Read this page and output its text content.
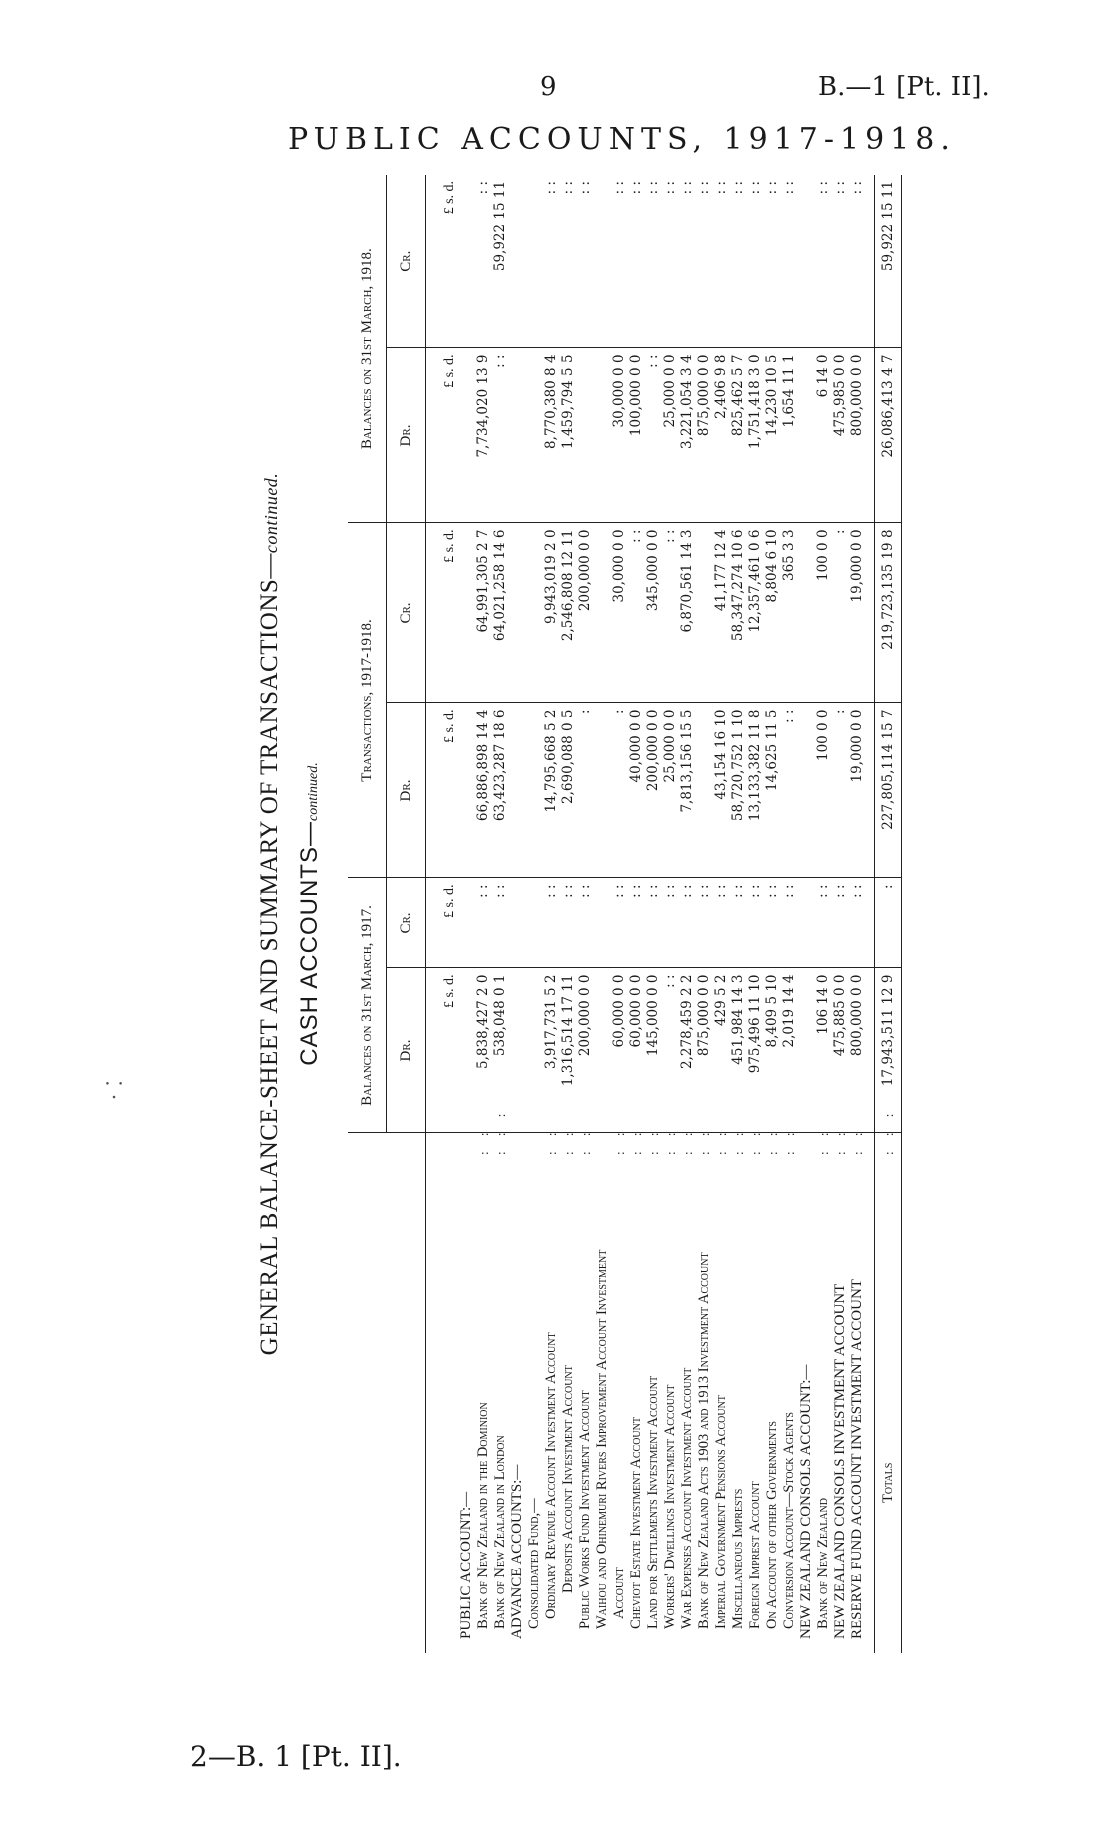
9	B.—1 [Pt. II].
PUBLIC ACCOUNTS, 1917-1918.
⸪	GENERAL BALANCE-SHEET AND SUMMARY OF TRANSACTIONS—continued.
CASH ACCOUNTS—continued.
		Balances on 31st March, 1917.		Transactions, 1917-1918.		Balances on 31st March, 1918.	
		Dr.	Cr.	Dr.	Cr.	Dr.	Cr.
		£ s. d.	£ s. d.	£ s. d.	£ s. d.	£ s. d.	£ s. d.
PUBLIC ACCOUNT:—							
Bank of New Zealand in the Dominion	: :	5,838,427 2 0	: :	66,886,898 14 4	64,991,305 2 7	7,734,020 13 9	: :
Bank of New Zealand in London	: : :	538,048 0 1	: :	63,423,287 18 6	64,021,258 14 6	: :	59,922 15 11
ADVANCE ACCOUNTS:—							
Consolidated Fund,—							
Ordinary Revenue Account Investment Account	: :	3,917,731 5 2	: :	14,795,668 5 2	9,943,019 2 0	8,770,380 8 4	: :
Deposits Account Investment Account	: :	1,316,514 17 11	: :	2,690,088 0 5	2,546,808 12 11	1,459,794 5 5	: :
Public Works Fund Investment Account	: :	200,000 0 0	: :	:	200,000 0 0		: :
Waihou and Ohinemuri Rivers Improvement Account Investment							
Account	: :	60,000 0 0	: :	:	30,000 0 0	30,000 0 0	: :
Cheviot Estate Investment Account	: :	60,000 0 0	: :	40,000 0 0	: :	100,000 0 0	: :
Land for Settlements Investment Account	: :	145,000 0 0	: :	200,000 0 0	345,000 0 0	: :	: :
Workers' Dwellings Investment Account	: :	: :	: :	25,000 0 0	: :	25,000 0 0	: :
War Expenses Account Investment Account	: :	2,278,459 2 2	: :	7,813,156 15 5	6,870,561 14 3	3,221,054 3 4	: :
Bank of New Zealand Acts 1903 and 1913 Investment Account	: :	875,000 0 0	: :			875,000 0 0	: :
Imperial Government Pensions Account	: :	429 5 2	: :	43,154 16 10	41,177 12 4	2,406 9 8	: :
Miscellaneous Imprests	: :	451,984 14 3	: :	58,720,752 1 10	58,347,274 10 6	825,462 5 7	: :
Foreign Imprest Account	: :	975,496 11 10	: :	13,133,382 11 8	12,357,461 0 6	1,751,418 3 0	: :
On Account of other Governments	: :	8,409 5 10	: :	14,625 11 5	8,804 6 10	14,230 10 5	: :
Conversion Account—Stock Agents	: :	2,019 14 4	: :	: :	365 3 3	1,654 11 1	: :
NEW ZEALAND CONSOLS ACCOUNT:—							
Bank of New Zealand	: :	106 14 0	: :	100 0 0	100 0 0	6 14 0	: :
NEW ZEALAND CONSOLS INVESTMENT ACCOUNT	: :	475,885 0 0	: :	:	:	475,985 0 0	: :
RESERVE FUND ACCOUNT INVESTMENT ACCOUNT	: :	800,000 0 0	: :	19,000 0 0	19,000 0 0	800,000 0 0	: :

Totals	: : :	17,943,511 12 9	:	227,805,114 15 7	219,723,135 19 8	26,086,413 4 7	59,922 15 11
2—B. 1 [Pt. II].
